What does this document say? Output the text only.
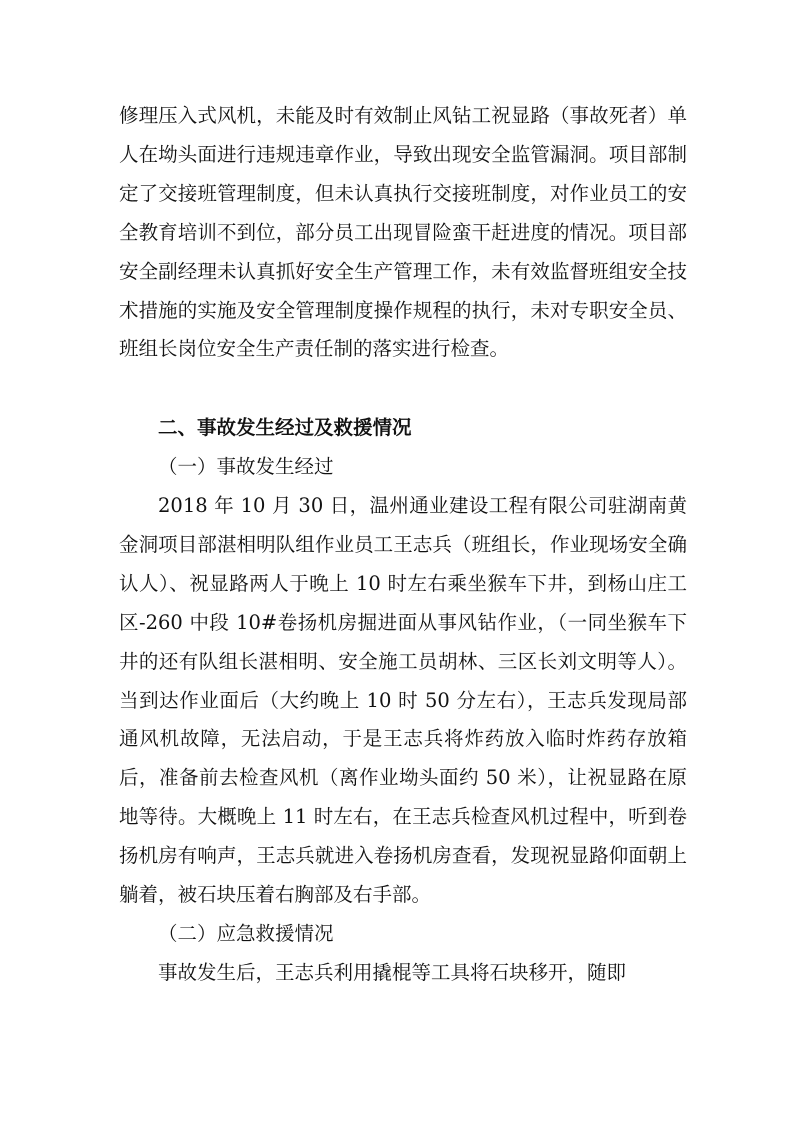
修理压入式风机，未能及时有效制止风钻工祝显路（事故死者）单人在坳头面进行违规违章作业，导致出现安全监管漏洞。项目部制定了交接班管理制度，但未认真执行交接班制度，对作业员工的安全教育培训不到位，部分员工出现冒险蛮干赶进度的情况。项目部安全副经理未认真抓好安全生产管理工作，未有效监督班组安全技术措施的实施及安全管理制度操作规程的执行，未对专职安全员、班组长岗位安全生产责任制的落实进行检查。

二、事故发生经过及救援情况

（一）事故发生经过

2018 年 10 月 30 日，温州通业建设工程有限公司驻湖南黄金洞项目部湛相明队组作业员工王志兵（班组长，作业现场安全确认人）、祝显路两人于晚上 10 时左右乘坐猴车下井，到杨山庄工区-260 中段 10#卷扬机房掘进面从事风钻作业，（一同坐猴车下井的还有队组长湛相明、安全施工员胡林、三区长刘文明等人）。当到达作业面后（大约晚上 10 时 50 分左右），王志兵发现局部通风机故障，无法启动，于是王志兵将炸药放入临时炸药存放箱后，准备前去检查风机（离作业坳头面约 50 米），让祝显路在原地等待。大概晚上 11 时左右，在王志兵检查风机过程中，听到卷扬机房有响声，王志兵就进入卷扬机房查看，发现祝显路仰面朝上躺着，被石块压着右胸部及右手部。

（二）应急救援情况

事故发生后，王志兵利用撬棍等工具将石块移开，随即
